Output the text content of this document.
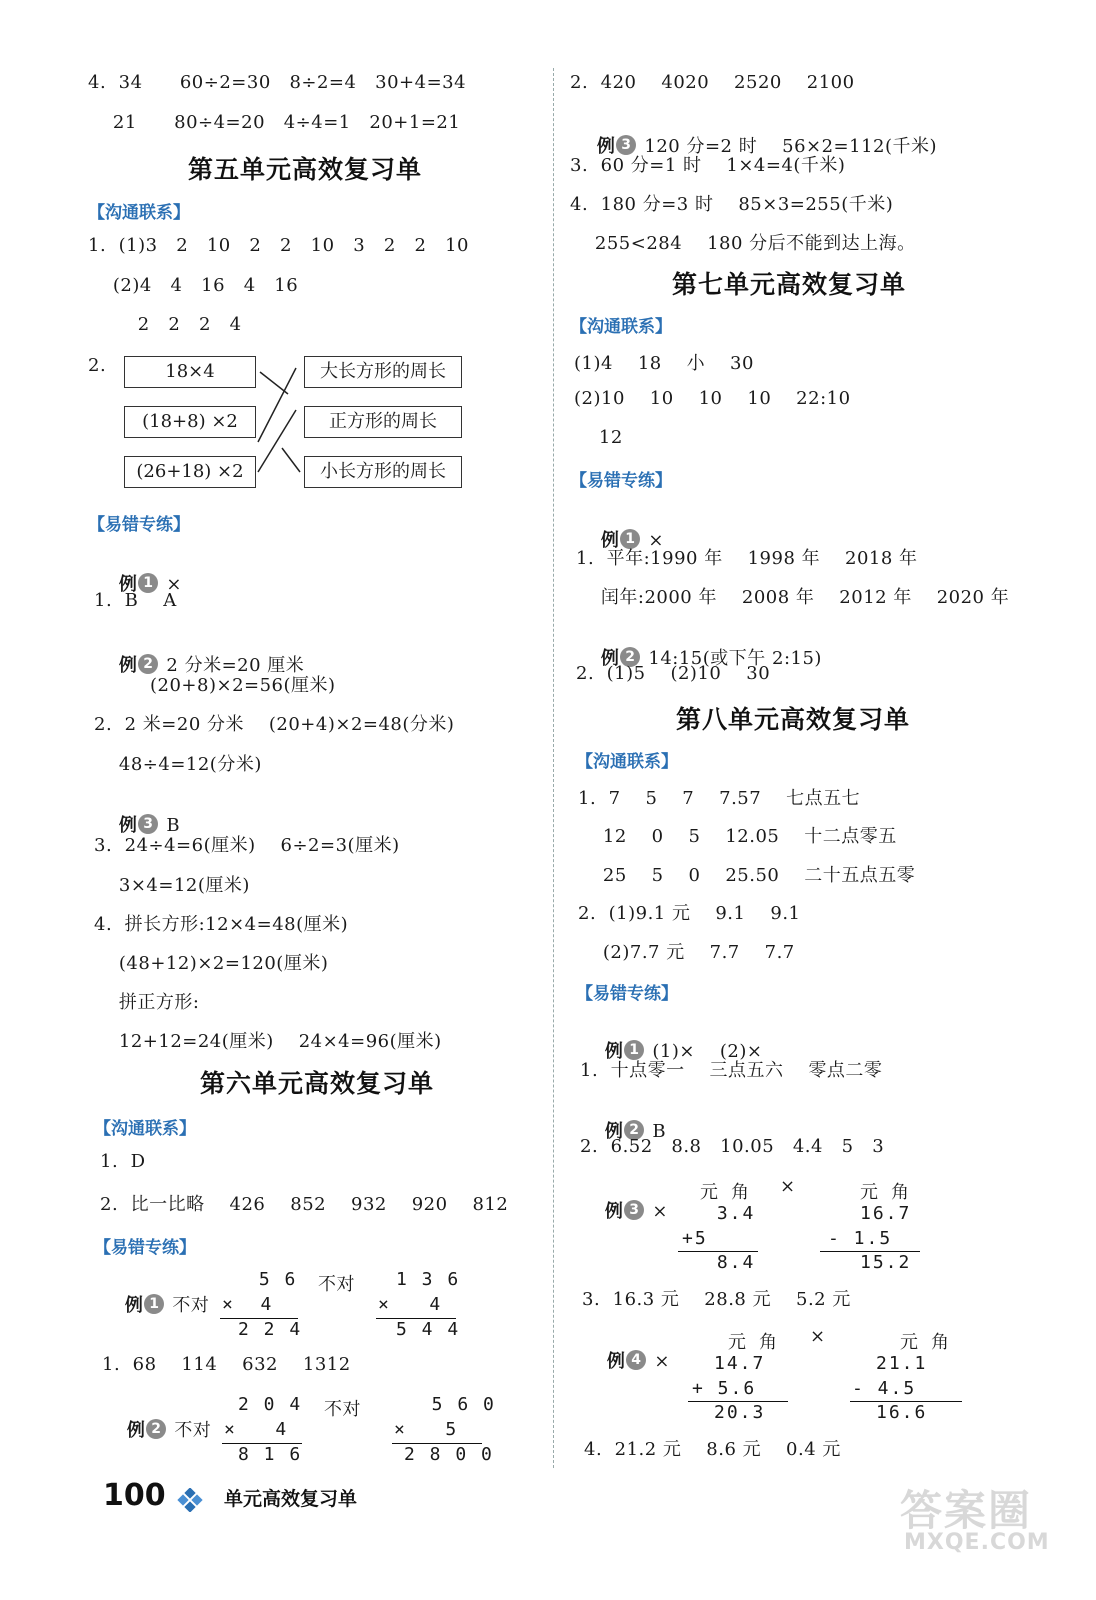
4.  34      60÷2=30   8÷2=4   30+4=34
21      80÷4=20   4÷4=1   20+1=21
第五单元高效复习单
【沟通联系】
1.  (1)3   2   10   2   2   10   3   2   2   10
(2)4   4   16   4   16
2   2   2   4
2.	18×4
(18+8) ×2
(26+18) ×2
大长方形的周长
正方形的周长
小长方形的周长
【易错专练】

例 1 ×

1.  B    A

例 2 2 分米=20 厘米

(20+8)×2=56(厘米)
2.  2 米=20 分米    (20+4)×2=48(分米)
48÷4=12(分米)

例 3 B

3.  24÷4=6(厘米)    6÷2=3(厘米)
3×4=12(厘米)
4.  拼长方形:12×4=48(厘米)
(48+12)×2=120(厘米)
拼正方形:
12+12=24(厘米)    24×4=96(厘米)
第六单元高效复习单
【沟通联系】
1.  D
2.  比一比略    426    852    932    920    812
【易错专练】

例 1 不对

5 6
×  4
2 2 4
不对 1 3 6
×   4
5 4 4
1.  68    114    632    1312

例 2 不对

2 0 4
×   4
8 1 6
不对	5 6 0
×   5
2 8 0 0
2.  420    4020    2520    2100

例 3 120 分=2 时    56×2=112(千米)

3.  60 分=1 时    1×4=4(千米)
4.  180 分=3 时    85×3=255(千米)
255<284    180 分后不能到达上海。
第七单元高效复习单
【沟通联系】
(1)4    18    小    30
(2)10    10    10    10    22:10
12
【易错专练】

例 1 ×

1.  平年:1990 年    1998 年    2018 年
闰年:2000 年    2008 年    2012 年    2020 年

例 2 14:15(或下午 2:15)

2.  (1)5    (2)10    30
第八单元高效复习单
【沟通联系】
1.  7    5    7    7.57    七点五七
12    0    5    12.05    十二点零五
25    5    0    25.50    二十五点五零
2.  (1)9.1 元    9.1    9.1
(2)7.7 元    7.7    7.7
【易错专练】

例 1 (1)×    (2)×

1.  十点零一    三点五六    零点二零

例 2 B

2.  6.52   8.8   10.05   4.4   5   3

例 3 ×

元  角
3.4
+5
8.4
×	元  角
16.7
- 1.5
15.2
3.  16.3 元    28.8 元    5.2 元

例 4 ×

元  角
14.7
+ 5.6
20.3
×	元  角
21.1
- 4.5
16.6
4.  21.2 元    8.6 元    0.4 元
100	单元高效复习单	答案圈
MXQE.COM
